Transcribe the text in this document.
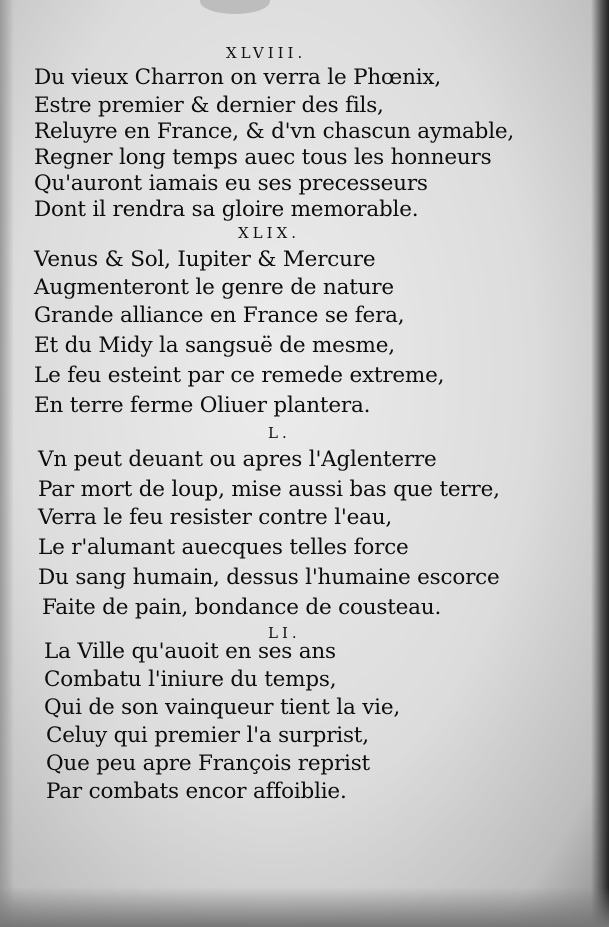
XLVIII.
Du vieux Charron on verra le Phœnix,
Estre premier & dernier des fils,
Reluyre en France, & d'vn chascun aymable,
Regner long temps auec tous les honneurs
Qu'auront iamais eu ses precesseurs
Dont il rendra sa gloire memorable.
XLIX.
Venus & Sol, Iupiter & Mercure
Augmenteront le genre de nature
Grande alliance en France se fera,
Et du Midy la sangsuë de mesme,
Le feu esteint par ce remede extreme,
En terre ferme Oliuer plantera.
L.
Vn peut deuant ou apres l'Aglenterre
Par mort de loup, mise aussi bas que terre,
Verra le feu resister contre l'eau,
Le r'alumant auecques telles force
Du sang humain, dessus l'humaine escorce
Faite de pain, bondance de cousteau.
LI.
La Ville qu'auoit en ses ans
Combatu l'iniure du temps,
Qui de son vainqueur tient la vie,
Celuy qui premier l'a surprist,
Que peu apre François reprist
Par combats encor affoiblie.
